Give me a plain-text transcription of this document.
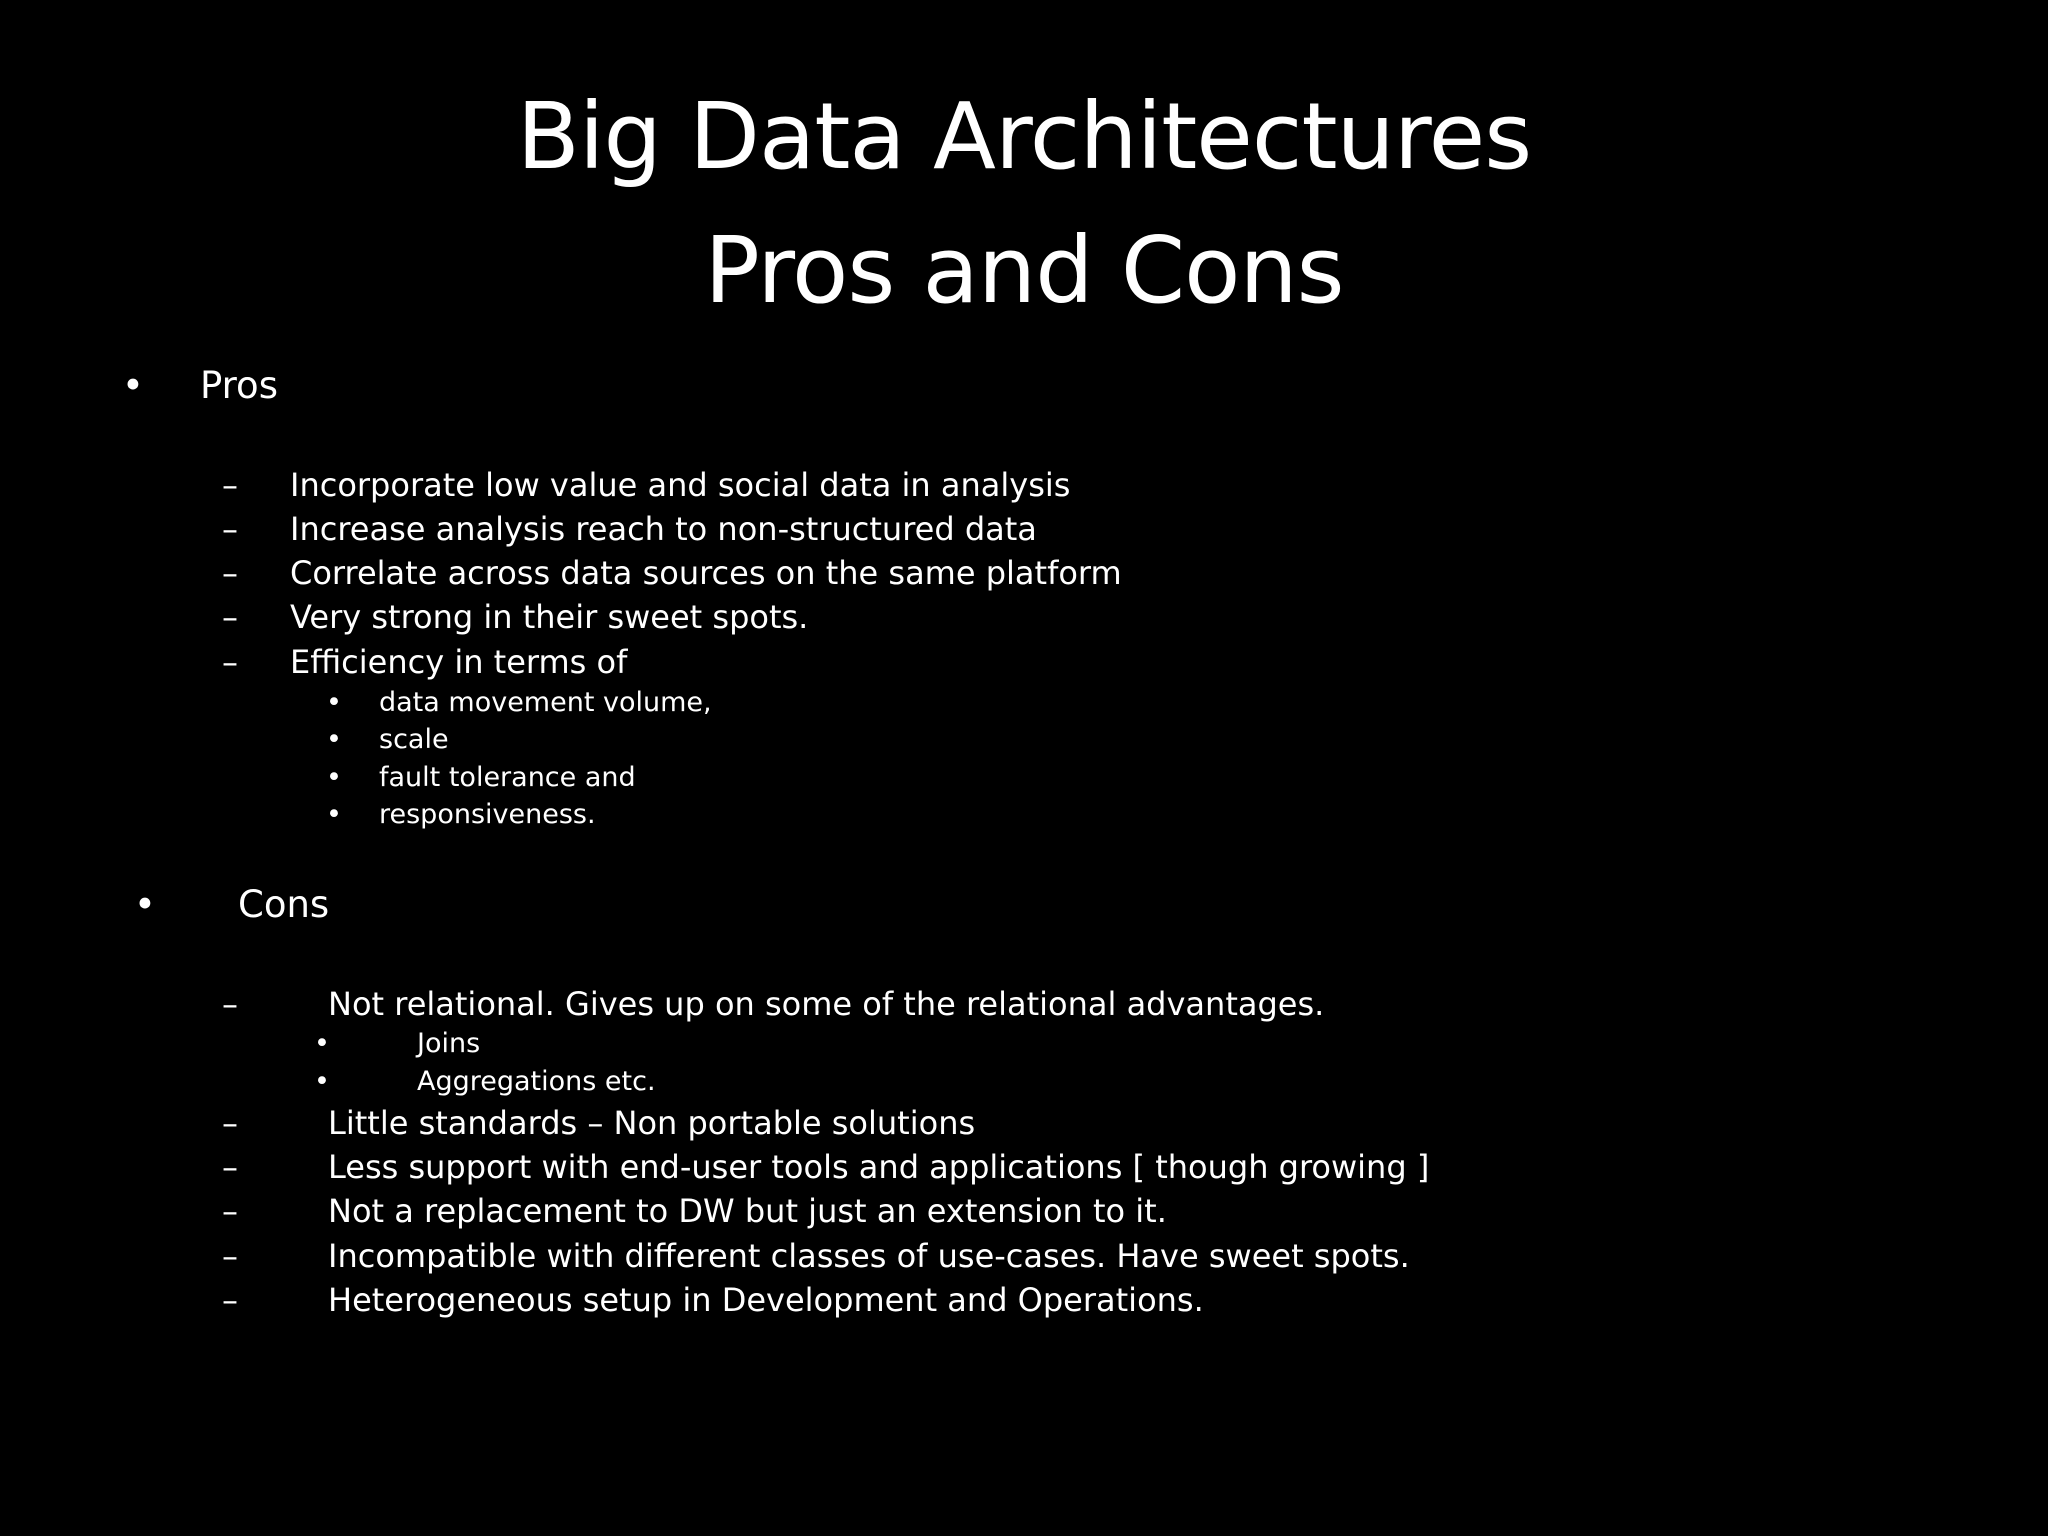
Big Data Architectures
Pros and Cons
• Pros
– Incorporate low value and social data in analysis
– Increase analysis reach to non-structured data
– Correlate across data sources on the same platform
– Very strong in their sweet spots.
– Efficiency in terms of
• data movement volume,
• scale
• fault tolerance and
• responsiveness.
• Cons
–	Not relational. Gives up on some of the relational advantages.
•	Joins
•	Aggregations etc.
–	Little standards – Non portable solutions
–	Less support with end-user tools and applications [ though growing ]
–	Not a replacement to DW but just an extension to it.
–	Incompatible with different classes of use-cases. Have sweet spots.
–	Heterogeneous setup in Development and Operations.
